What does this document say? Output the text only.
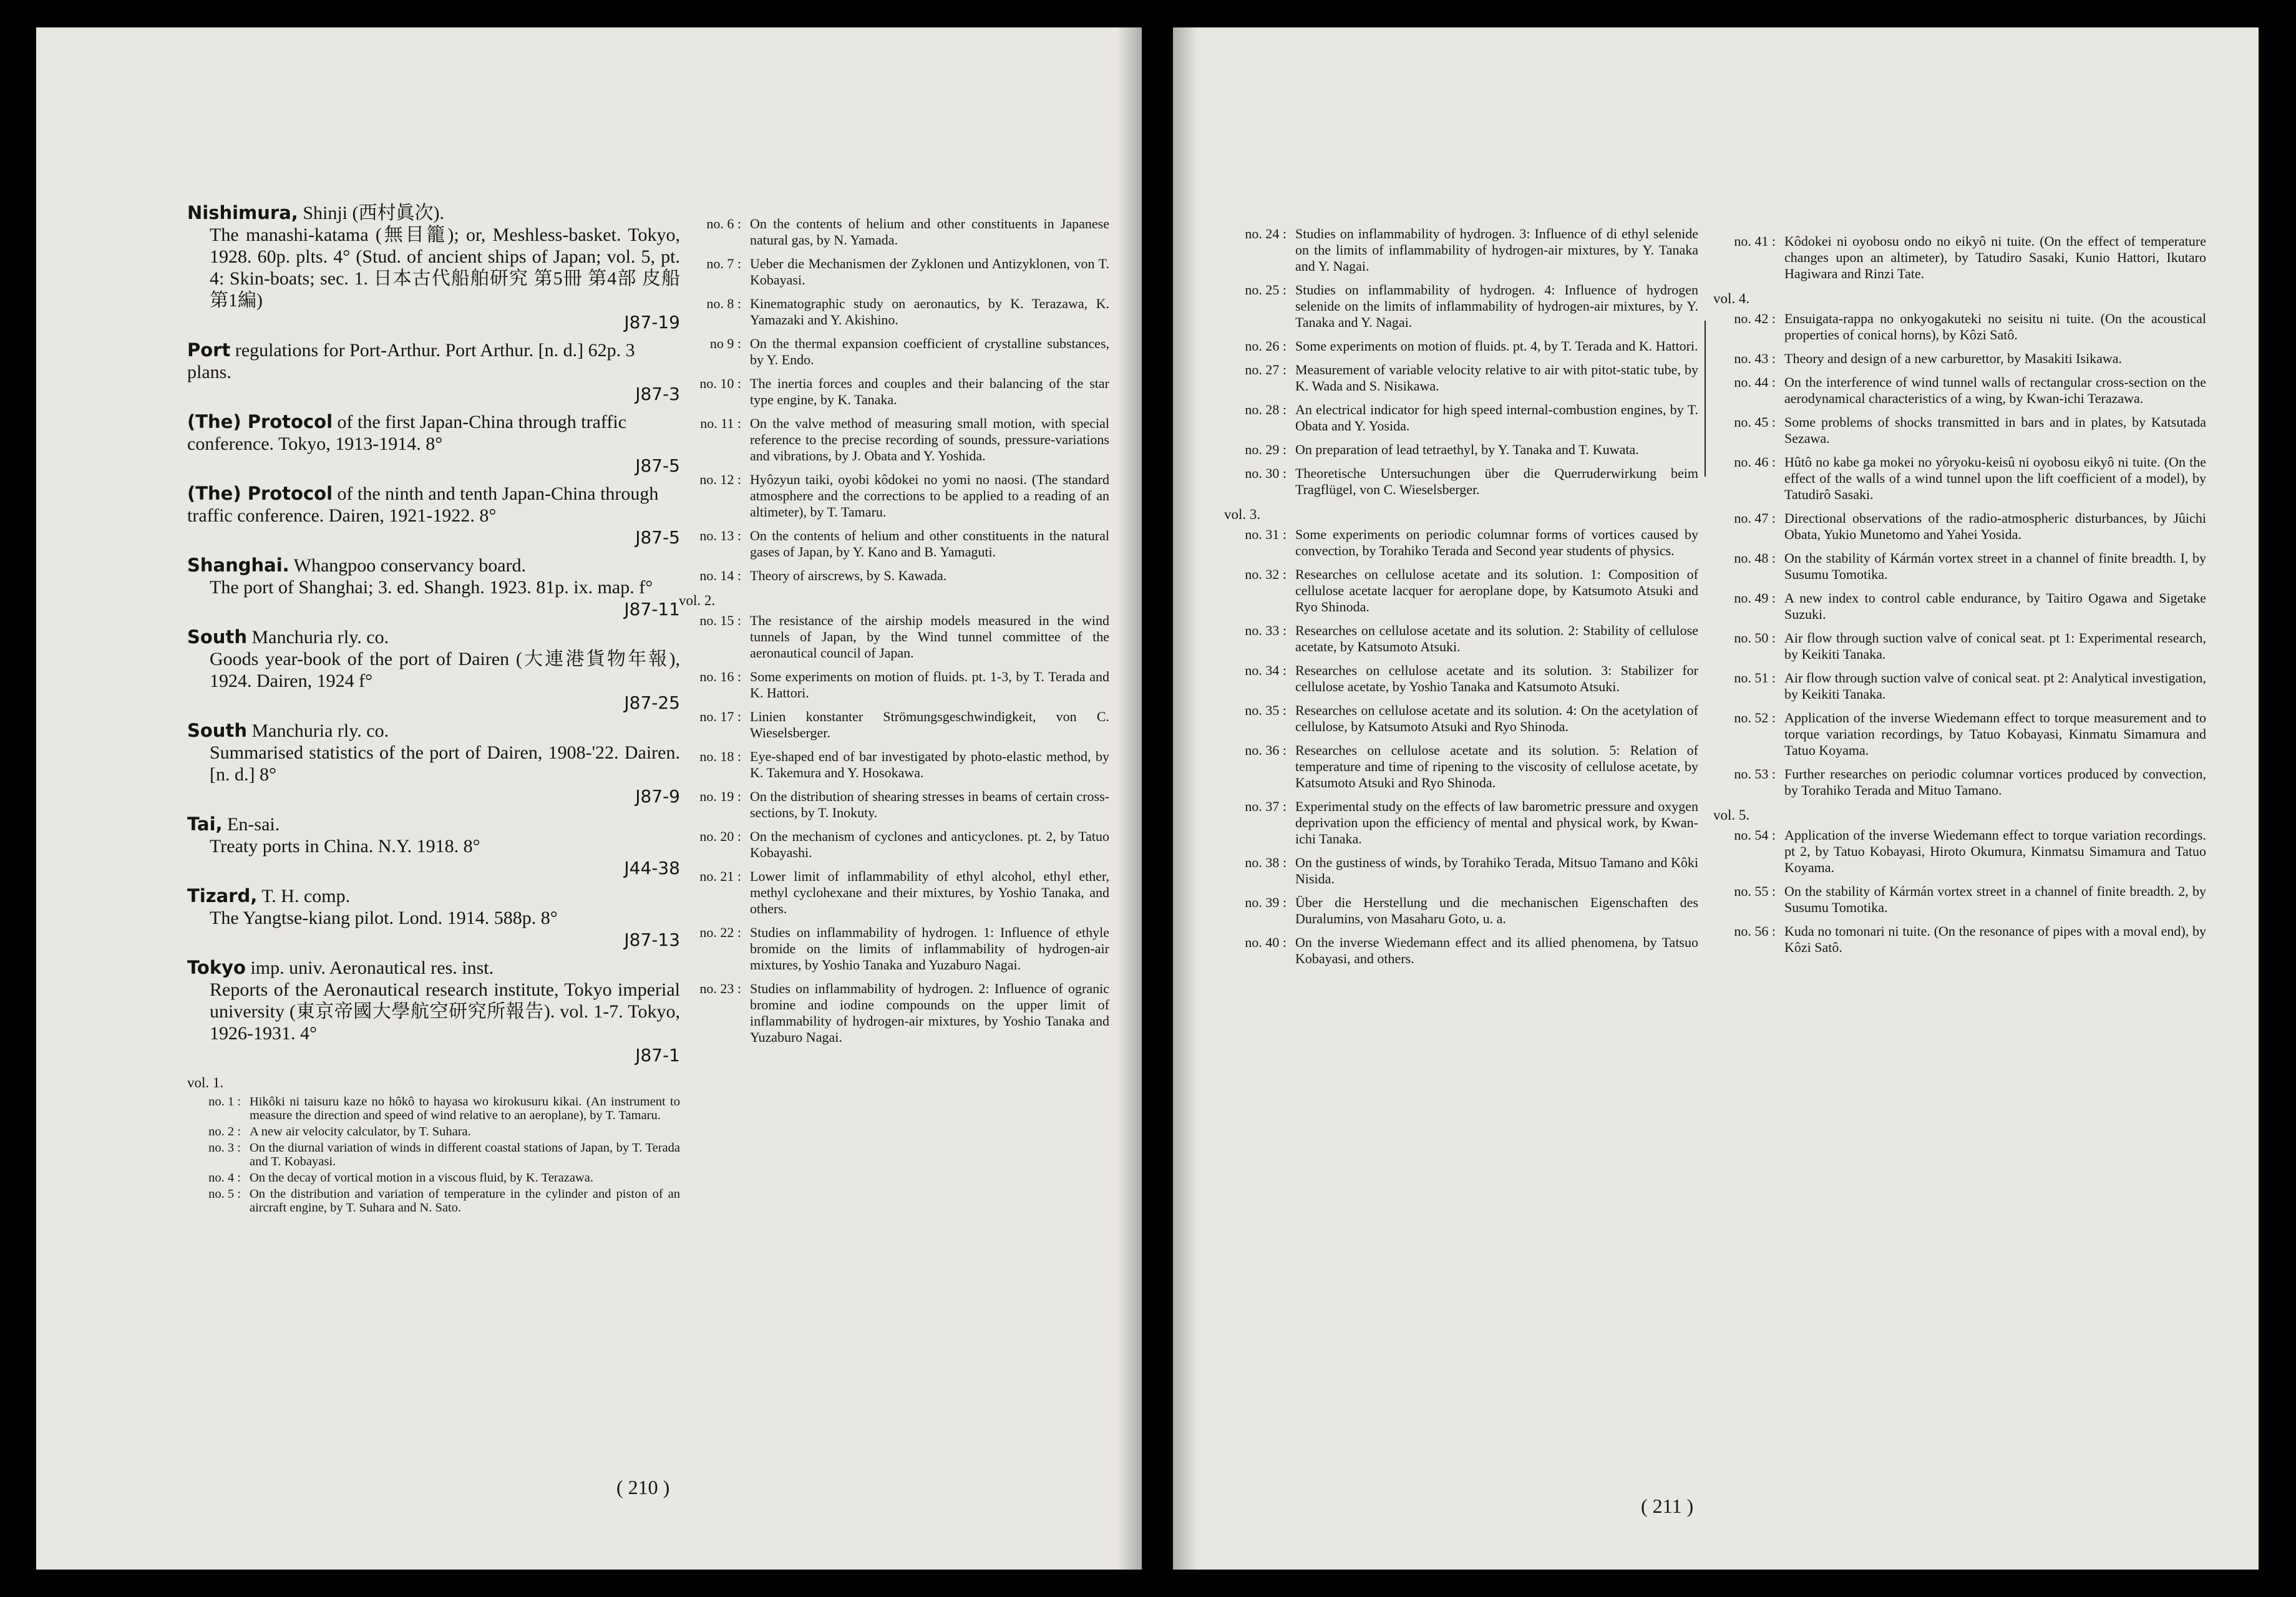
Nishimura, Shinji (西村眞次).
The manashi-katama (無目籠); or, Meshless-basket. Tokyo, 1928. 60p. plts. 4° (Stud. of ancient ships of Japan; vol. 5, pt. 4: Skin-boats; sec. 1. 日本古代船舶研究 第5冊 第4部 皮船 第1編)
J87-19
Port regulations for Port-Arthur. Port Arthur. [n. d.] 62p. 3 plans.
J87-3
(The) Protocol of the first Japan-China through traffic conference. Tokyo, 1913-1914. 8°
J87-5
(The) Protocol of the ninth and tenth Japan-China through traffic conference. Dairen, 1921-1922. 8°
J87-5
Shanghai. Whangpoo conservancy board.
The port of Shanghai; 3. ed. Shangh. 1923. 81p. ix. map. f°
J87-11
South Manchuria rly. co.
Goods year-book of the port of Dairen (大連港貨物年報), 1924. Dairen, 1924 f°
J87-25
South Manchuria rly. co.
Summarised statistics of the port of Dairen, 1908-'22. Dairen. [n. d.] 8°
J87-9
Tai, En-sai.
Treaty ports in China. N.Y. 1918. 8°
J44-38
Tizard, T. H. comp.
The Yangtse-kiang pilot. Lond. 1914. 588p. 8°
J87-13
Tokyo imp. univ. Aeronautical res. inst.
Reports of the Aeronautical research institute, Tokyo imperial university (東京帝國大學航空研究所報告). vol. 1-7. Tokyo, 1926-1931. 4°
J87-1
vol. 1.
no. 1 : Hikôki ni taisuru kaze no hôkô to hayasa wo kirokusuru kikai. (An instrument to measure the direction and speed of wind relative to an aeroplane), by T. Tamaru.
no. 2 : A new air velocity calculator, by T. Suhara.
no. 3 : On the diurnal variation of winds in different coastal stations of Japan, by T. Terada and T. Kobayasi.
no. 4 : On the decay of vortical motion in a viscous fluid, by K. Terazawa.
no. 5 : On the distribution and variation of temperature in the cylinder and piston of an aircraft engine, by T. Suhara and N. Sato.
no. 6 : On the contents of helium and other constituents in Japanese natural gas, by N. Yamada.
no. 7 : Ueber die Mechanismen der Zyklonen und Antizyklonen, von T. Kobayasi.
no. 8 : Kinematographic study on aeronautics, by K. Terazawa, K. Yamazaki and Y. Akishino.
no 9 : On the thermal expansion coefficient of crystalline substances, by Y. Endo.
no. 10 : The inertia forces and couples and their balancing of the star type engine, by K. Tanaka.
no. 11 : On the valve method of measuring small motion, with special reference to the precise recording of sounds, pressure-variations and vibrations, by J. Obata and Y. Yoshida.
no. 12 : Hyôzyun taiki, oyobi kôdokei no yomi no naosi. (The standard atmosphere and the corrections to be applied to a reading of an altimeter), by T. Tamaru.
no. 13 : On the contents of helium and other constituents in the natural gases of Japan, by Y. Kano and B. Yamaguti.
no. 14 : Theory of airscrews, by S. Kawada.
vol. 2.
no. 15 : The resistance of the airship models measured in the wind tunnels of Japan, by the Wind tunnel committee of the aeronautical council of Japan.
no. 16 : Some experiments on motion of fluids. pt. 1-3, by T. Terada and K. Hattori.
no. 17 : Linien konstanter Strömungsgeschwindigkeit, von C. Wieselsberger.
no. 18 : Eye-shaped end of bar investigated by photo-elastic method, by K. Takemura and Y. Hosokawa.
no. 19 : On the distribution of shearing stresses in beams of certain cross-sections, by T. Inokuty.
no. 20 : On the mechanism of cyclones and anticyclones. pt. 2, by Tatuo Kobayashi.
no. 21 : Lower limit of inflammability of ethyl alcohol, ethyl ether, methyl cyclohexane and their mixtures, by Yoshio Tanaka, and others.
no. 22 : Studies on inflammability of hydrogen. 1: Influence of ethyle bromide on the limits of inflammability of hydrogen-air mixtures, by Yoshio Tanaka and Yuzaburo Nagai.
no. 23 : Studies on inflammability of hydrogen. 2: Influence of ogranic bromine and iodine compounds on the upper limit of inflammability of hydrogen-air mixtures, by Yoshio Tanaka and Yuzaburo Nagai.
( 210 )
no. 24 : Studies on inflammability of hydrogen. 3: Influence of di ethyl selenide on the limits of inflammability of hydrogen-air mixtures, by Y. Tanaka and Y. Nagai.
no. 25 : Studies on inflammability of hydrogen. 4: Influence of hydrogen selenide on the limits of inflammability of hydrogen-air mixtures, by Y. Tanaka and Y. Nagai.
no. 26 : Some experiments on motion of fluids. pt. 4, by T. Terada and K. Hattori.
no. 27 : Measurement of variable velocity relative to air with pitot-static tube, by K. Wada and S. Nisikawa.
no. 28 : An electrical indicator for high speed internal-combustion engines, by T. Obata and Y. Yosida.
no. 29 : On preparation of lead tetraethyl, by Y. Tanaka and T. Kuwata.
no. 30 : Theoretische Untersuchungen über die Querruderwirkung beim Tragflügel, von C. Wieselsberger.
vol. 3.
no. 31 : Some experiments on periodic columnar forms of vortices caused by convection, by Torahiko Terada and Second year students of physics.
no. 32 : Researches on cellulose acetate and its solution. 1: Composition of cellulose acetate lacquer for aeroplane dope, by Katsumoto Atsuki and Ryo Shinoda.
no. 33 : Researches on cellulose acetate and its solution. 2: Stability of cellulose acetate, by Katsumoto Atsuki.
no. 34 : Researches on cellulose acetate and its solution. 3: Stabilizer for cellulose acetate, by Yoshio Tanaka and Katsumoto Atsuki.
no. 35 : Researches on cellulose acetate and its solution. 4: On the acetylation of cellulose, by Katsumoto Atsuki and Ryo Shinoda.
no. 36 : Researches on cellulose acetate and its solution. 5: Relation of temperature and time of ripening to the viscosity of cellulose acetate, by Katsumoto Atsuki and Ryo Shinoda.
no. 37 : Experimental study on the effects of law barometric pressure and oxygen deprivation upon the efficiency of mental and physical work, by Kwan-ichi Tanaka.
no. 38 : On the gustiness of winds, by Torahiko Terada, Mitsuo Tamano and Kôki Nisida.
no. 39 : Über die Herstellung und die mechanischen Eigenschaften des Duralumins, von Masaharu Goto, u. a.
no. 40 : On the inverse Wiedemann effect and its allied phenomena, by Tatsuo Kobayasi, and others.
no. 41 : Kôdokei ni oyobosu ondo no eikyô ni tuite. (On the effect of temperature changes upon an altimeter), by Tatudiro Sasaki, Kunio Hattori, Ikutaro Hagiwara and Rinzi Tate.
vol. 4.
no. 42 : Ensuigata-rappa no onkyogakuteki no seisitu ni tuite. (On the acoustical properties of conical horns), by Kôzi Satô.
no. 43 : Theory and design of a new carburettor, by Masakiti Isikawa.
no. 44 : On the interference of wind tunnel walls of rectangular cross-section on the aerodynamical characteristics of a wing, by Kwan-ichi Terazawa.
no. 45 : Some problems of shocks transmitted in bars and in plates, by Katsutada Sezawa.
no. 46 : Hûtô no kabe ga mokei no yôryoku-keisû ni oyobosu eikyô ni tuite. (On the effect of the walls of a wind tunnel upon the lift coefficient of a model), by Tatudirô Sasaki.
no. 47 : Directional observations of the radio-atmospheric disturbances, by Jûichi Obata, Yukio Munetomo and Yahei Yosida.
no. 48 : On the stability of Kármán vortex street in a channel of finite breadth. I, by Susumu Tomotika.
no. 49 : A new index to control cable endurance, by Taitiro Ogawa and Sigetake Suzuki.
no. 50 : Air flow through suction valve of conical seat. pt 1: Experimental research, by Keikiti Tanaka.
no. 51 : Air flow through suction valve of conical seat. pt 2: Analytical investigation, by Keikiti Tanaka.
no. 52 : Application of the inverse Wiedemann effect to torque measurement and to torque variation recordings, by Tatuo Kobayasi, Kinmatu Simamura and Tatuo Koyama.
no. 53 : Further researches on periodic columnar vortices produced by convection, by Torahiko Terada and Mituo Tamano.
vol. 5.
no. 54 : Application of the inverse Wiedemann effect to torque variation recordings. pt 2, by Tatuo Kobayasi, Hiroto Okumura, Kinmatsu Simamura and Tatuo Koyama.
no. 55 : On the stability of Kármán vortex street in a channel of finite breadth. 2, by Susumu Tomotika.
no. 56 : Kuda no tomonari ni tuite. (On the resonance of pipes with a moval end), by Kôzi Satô.
( 211 )
